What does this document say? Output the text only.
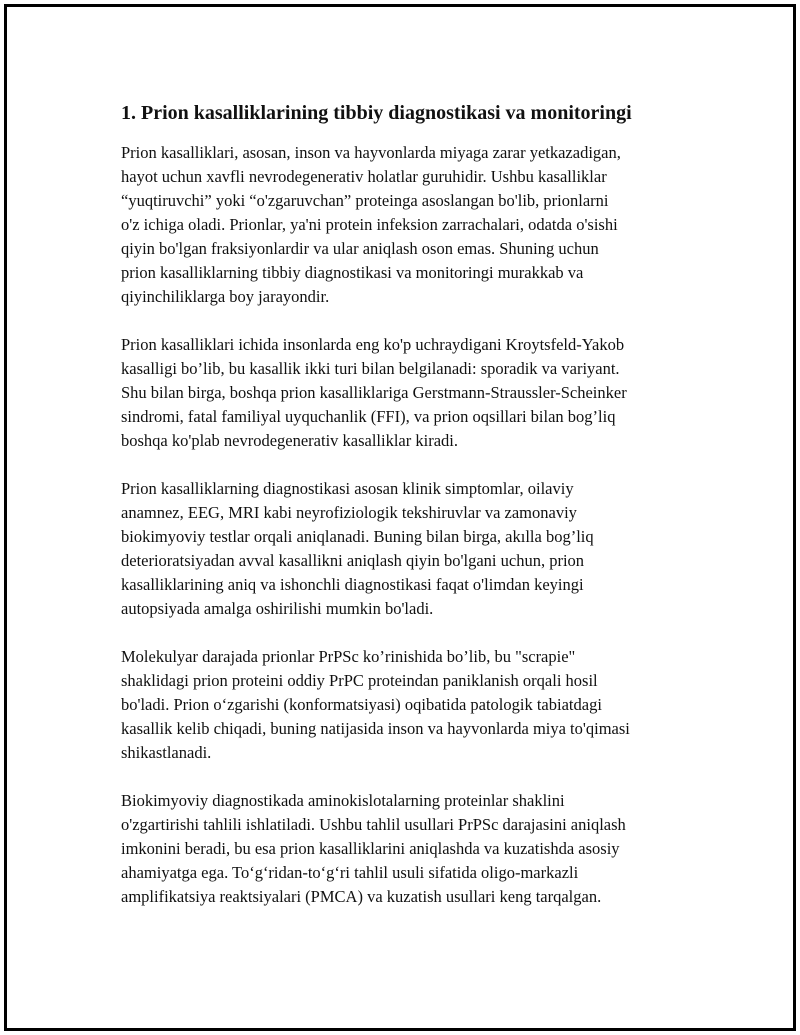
1. Prion kasalliklarining tibbiy diagnostikasi va monitoringi

Prion kasalliklari, asosan, inson va hayvonlarda miyaga zarar yetkazadigan,
hayot uchun xavfli nevrodegenerativ holatlar guruhidir. Ushbu kasalliklar
“yuqtiruvchi” yoki “o'zgaruvchan” proteinga asoslangan bo'lib, prionlarni
o'z ichiga oladi. Prionlar, ya'ni protein infeksion zarrachalari, odatda o'sishi
qiyin bo'lgan fraksiyonlardir va ular aniqlash oson emas. Shuning uchun
prion kasalliklarning tibbiy diagnostikasi va monitoringi murakkab va
qiyinchiliklarga boy jarayondir.

Prion kasalliklari ichida insonlarda eng ko'p uchraydigani Kroytsfeld-Yakob
kasalligi bo’lib, bu kasallik ikki turi bilan belgilanadi: sporadik va variyant.
Shu bilan birga, boshqa prion kasalliklariga Gerstmann-Straussler-Scheinker
sindromi, fatal familiyal uyquchanlik (FFI), va prion oqsillari bilan bog’liq
boshqa ko'plab nevrodegenerativ kasalliklar kiradi.

Prion kasalliklarning diagnostikasi asosan klinik simptomlar, oilaviy
anamnez, EEG, MRI kabi neyrofiziologik tekshiruvlar va zamonaviy
biokimyoviy testlar orqali aniqlanadi. Buning bilan birga, akılla bog’liq
deterioratsiyadan avval kasallikni aniqlash qiyin bo'lgani uchun, prion
kasalliklarining aniq va ishonchli diagnostikasi faqat o'limdan keyingi
autopsiyada amalga oshirilishi mumkin bo'ladi.

Molekulyar darajada prionlar PrPSc ko’rinishida bo’lib, bu "scrapie"
shaklidagi prion proteini oddiy PrPC proteindan paniklanish orqali hosil
bo'ladi. Prion o‘zgarishi (konformatsiyasi) oqibatida patologik tabiatdagi
kasallik kelib chiqadi, buning natijasida inson va hayvonlarda miya to'qimasi
shikastlanadi.

Biokimyoviy diagnostikada aminokislotalarning proteinlar shaklini
o'zgartirishi tahlili ishlatiladi. Ushbu tahlil usullari PrPSc darajasini aniqlash
imkonini beradi, bu esa prion kasalliklarini aniqlashda va kuzatishda asosiy
ahamiyatga ega. To‘g‘ridan-to‘g‘ri tahlil usuli sifatida oligo-markazli
amplifikatsiya reaktsiyalari (PMCA) va kuzatish usullari keng tarqalgan.
